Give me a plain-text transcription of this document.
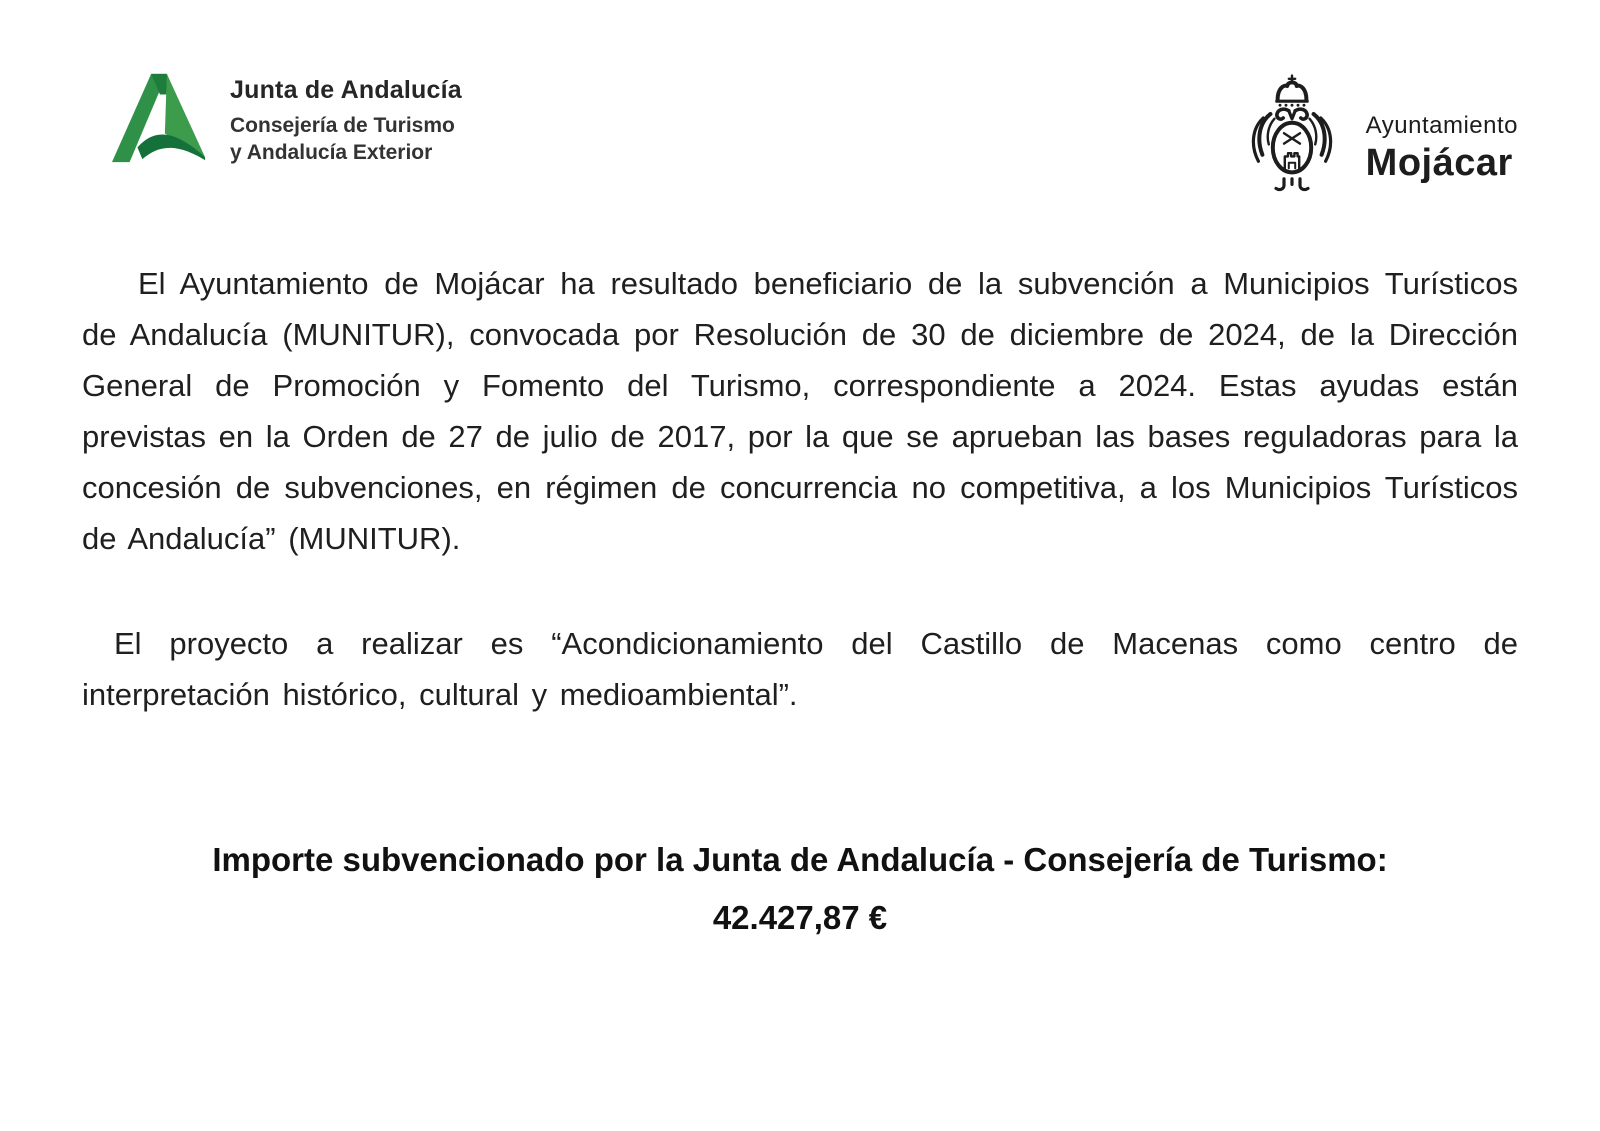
Junta de Andalucía
Consejería de Turismo
y Andalucía Exterior
Ayuntamiento
Mojácar

El Ayuntamiento de Mojácar ha resultado beneficiario de la subvención a Municipios Turísticos de Andalucía (MUNITUR), convocada por Resolución de 30 de diciembre de 2024, de la Dirección General de Promoción y Fomento del Turismo, correspondiente a 2024. Estas ayudas están previstas en la Orden de 27 de julio de 2017, por la que se aprueban las bases reguladoras para la concesión de subvenciones, en régimen de concurrencia no competitiva, a los Municipios Turísticos de Andalucía” (MUNITUR).

El proyecto a realizar es “Acondicionamiento del Castillo de Macenas como centro de interpretación histórico, cultural y medioambiental”.

Importe subvencionado por la Junta de Andalucía - Consejería de Turismo:
42.427,87 €
